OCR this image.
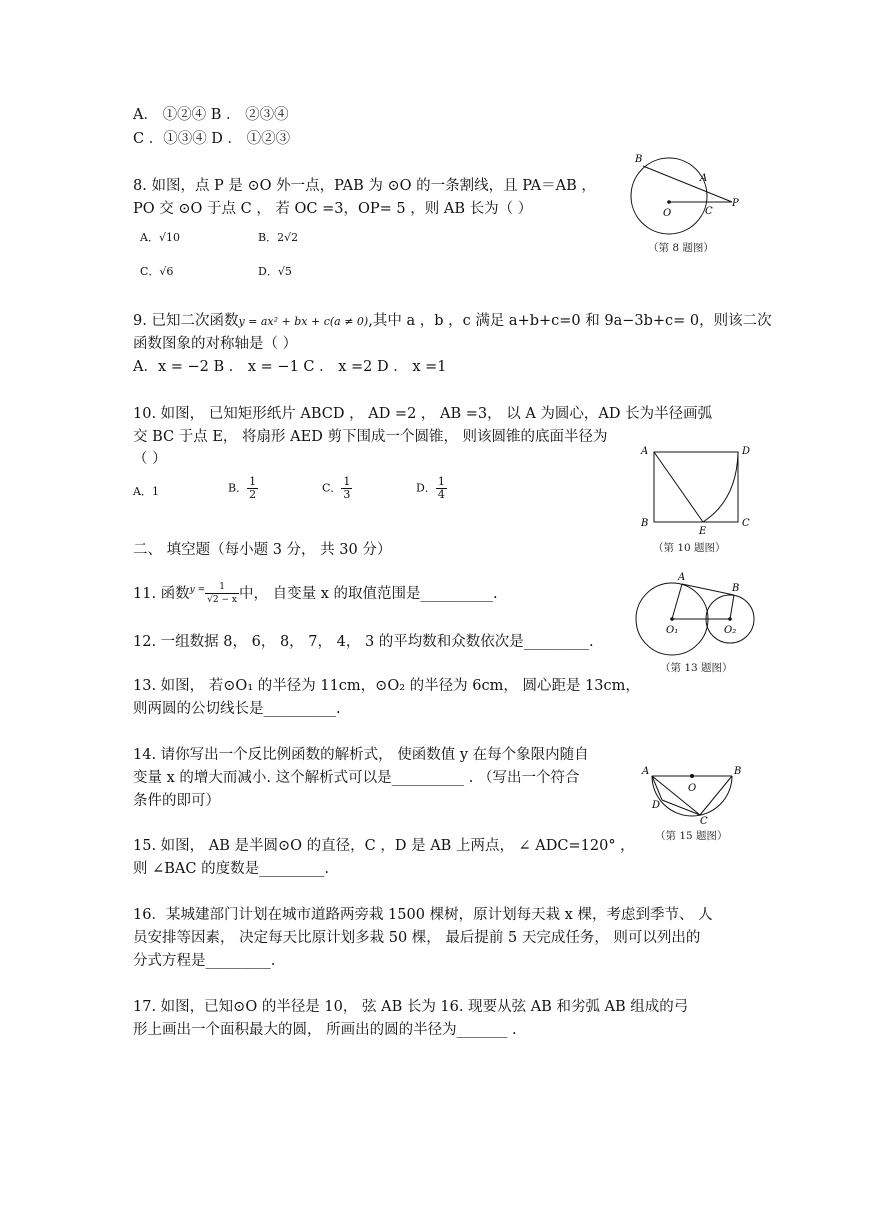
A． ①②④ B ． ②③④
C ．①③④ D ． ①②③
8. 如图，点 P 是 ⊙O 外一点，PAB 为 ⊙O 的一条割线，且 PA＝AB ，
PO 交 ⊙O 于点 C ， 若 OC =3，OP= 5 ，则 AB 长为（ ）
A．√10	B．2√2
C．√6	D．√5
B
A
O	C
P
（第 8 题图）
9. 已知二次函数y = ax² + bx + c(a ≠ 0),其中 a ，b ，c 满足 a+b+c=0 和 9a−3b+c= 0，则该二次
函数图象的对称轴是（ ）
A．x = −2 B ． x = −1 C ． x =2 D ． x =1
10. 如图， 已知矩形纸片 ABCD ， AD =2 ， AB =3， 以 A 为圆心，AD 长为半径画弧
交 BC 于点 E， 将扇形 AED 剪下围成一个圆锥， 则该圆锥的底面半径为
（ ）
A．1	B． $\frac{1}{2}$	C． $\frac{1}{3}$	D． $\frac{1}{4}$
A	D
B
E
C
（第 10 题图）
二、 填空题（每小题 3 分， 共 30 分）
11. 函数$^{y =} \frac{1}{√2 - x}$ 中， 自变量 x 的取值范围是__________.
A
B
O₁	O₂
12. 一组数据 8， 6， 8， 7， 4， 3 的平均数和众数依次是_________.
（第 13 题图）
13. 如图， 若⊙O₁ 的半径为 11cm，⊙O₂ 的半径为 6cm， 圆心距是 13cm，
则两圆的公切线长是__________.
14. 请你写出一个反比例函数的解析式， 使函数值 y 在每个象限内随自
变量 x 的增大而减小. 这个解析式可以是__________ . （写出一个符合
条件的即可）
A	B
O
D
C
（第 15 题图）
15. 如图， AB 是半圆⊙O 的直径，C ，D 是 AB 上两点， ∠ ADC=120° ，
则 ∠BAC 的度数是_________.
16．某城建部门计划在城市道路两旁栽 1500 棵树，原计划每天栽 x 棵，考虑到季节、 人
员安排等因素， 决定每天比原计划多栽 50 棵， 最后提前 5 天完成任务， 则可以列出的
分式方程是_________.
17. 如图，已知⊙O 的半径是 10， 弦 AB 长为 16. 现要从弦 AB 和劣弧 AB 组成的弓
形上画出一个面积最大的圆， 所画出的圆的半径为_______ .
